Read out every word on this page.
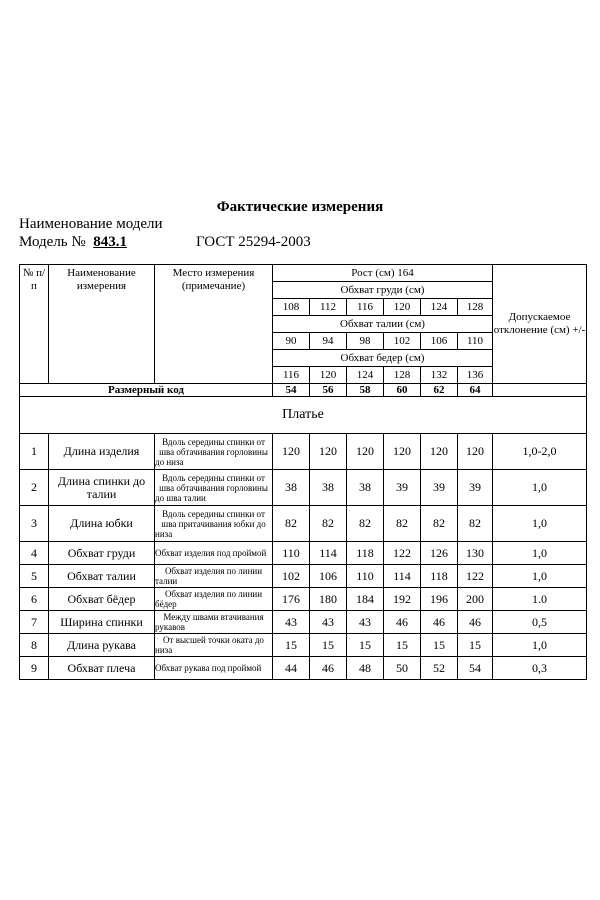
Фактические измерения
Наименование модели
Модель № 843.1	ГОСТ 25294-2003
№ п/п	Наименование измерения	Место измерения (примечание)	Рост (см) 164						Допускаемое отклонение (см) +/-
			Обхват груди (см)						
			108	112	116	120	124	128	
			Обхват талии (см)						
			90	94	98	102	106	110	
			Обхват бедер (см)						
			116	120	124	128	132	136	
Размерный код			54	56	58	60	62	64	
Платье									
1	Длина изделия	Вдоль середины спинки от шва обтачивания горловины до низа	120	120	120	120	120	120	1,0-2,0
2	Длина спинки до талии	Вдоль середины спинки от шва обтачивания горловины до шва талии	38	38	38	39	39	39	1,0
3	Длина юбки	Вдоль середины спинки от шва притачивания юбки до низа	82	82	82	82	82	82	1,0
4	Обхват груди	Обхват изделия под проймой	110	114	118	122	126	130	1,0
5	Обхват талии	Обхват изделия по линии талии	102	106	110	114	118	122	1,0
6	Обхват бёдер	Обхват изделия по линии бёдер	176	180	184	192	196	200	1.0
7	Ширина спинки	Между швами втачивания рукавов	43	43	43	46	46	46	0,5
8	Длина рукава	От высшей точки оката до низа	15	15	15	15	15	15	1,0
9	Обхват плеча	Обхват рукава под проймой	44	46	48	50	52	54	0,3
